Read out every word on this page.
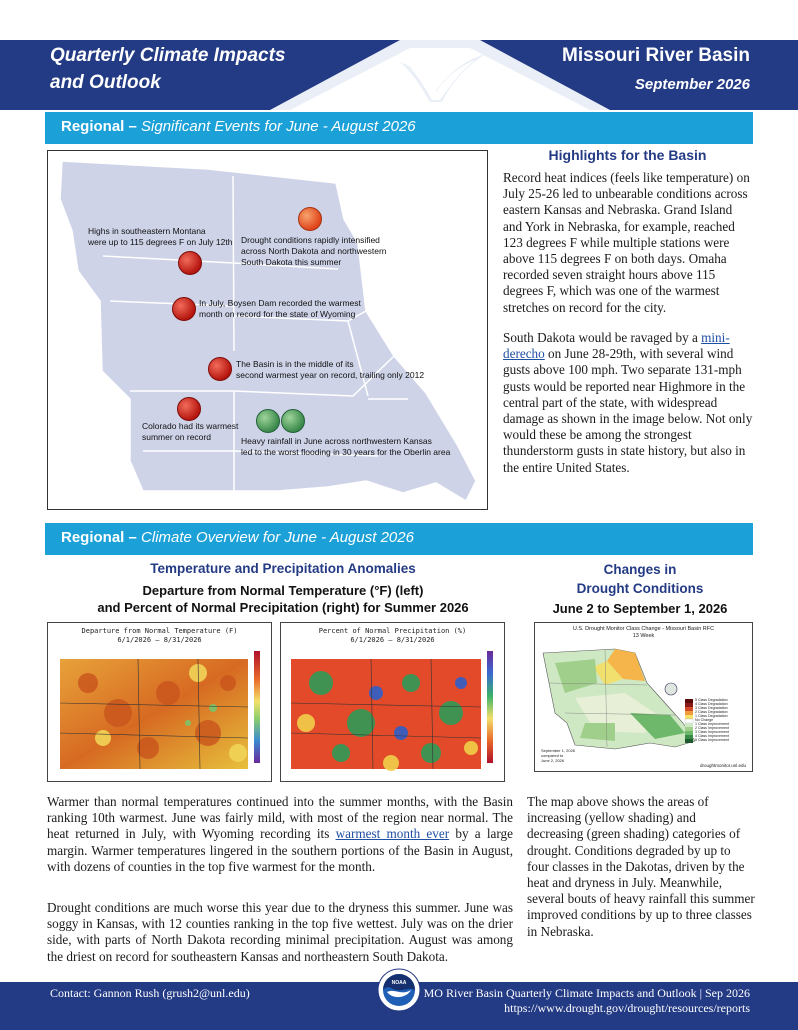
Quarterly Climate Impacts
and Outlook
Missouri River Basin
September 2026
Regional – Significant Events for June - August 2026
Highs in southeastern Montana
were up to 115 degrees F on July 12th Drought conditions rapidly intensified
across North Dakota and northwestern
South Dakota this summer
In July, Boysen Dam recorded the warmest
month on record for the state of Wyoming
The Basin is in the middle of its
second warmest year on record, trailing only 2012
Colorado had its warmest
summer on record	Heavy rainfall in June across northwestern Kansas
led to the worst flooding in 30 years for the Oberlin area
Highlights for the Basin
Record heat indices (feels like temperature) on July 25-26 led to unbearable conditions across eastern Kansas and Nebraska. Grand Island and York in Nebraska, for example, reached 123 degrees F while multiple stations were above 115 degrees F on both days. Omaha recorded seven straight hours above 115 degrees F, which was one of the warmest stretches on record for the city.
South Dakota would be ravaged by a mini-derecho on June 28-29th, with several wind gusts above 100 mph. Two separate 131-mph gusts would be reported near Highmore in the central part of the state, with widespread damage as shown in the image below. Not only would these be among the strongest thunderstorm gusts in state history, but also in the entire United States.
Regional – Climate Overview for June - August 2026
Temperature and Precipitation Anomalies
Departure from Normal Temperature (°F) (left)
and Percent of Normal Precipitation (right) for Summer 2026
Departure from Normal Temperature (F)
6/1/2026 – 8/31/2026
Percent of Normal Precipitation (%)
6/1/2026 – 8/31/2026
Changes in
Drought Conditions
June 2 to September 1, 2026
U.S. Drought Monitor Class Change - Missouri Basin RFC
13 Week
5 Class Degradation
4 Class Degradation
3 Class Degradation
2 Class Degradation
1 Class Degradation
No Change
1 Class Improvement
2 Class Improvement
3 Class Improvement
4 Class Improvement
5 Class Improvement
September 1, 2026
compared to
June 2, 2026
droughtmonitor.unl.edu
The map above shows the areas of increasing (yellow shading) and decreasing (green shading) categories of drought. Conditions degraded by up to four classes in the Dakotas, driven by the heat and dryness in July. Meanwhile, several bouts of heavy rainfall this summer improved conditions by up to three classes in Nebraska.
Warmer than normal temperatures continued into the summer months, with the Basin ranking 10th warmest. June was fairly mild, with most of the region near normal. The heat returned in July, with Wyoming recording its warmest month ever by a large margin. Warmer temperatures lingered in the southern portions of the Basin in August, with dozens of counties in the top five warmest for the month.
Drought conditions are much worse this year due to the dryness this summer. June was soggy in Kansas, with 12 counties ranking in the top five wettest. July was on the drier side, with parts of North Dakota recording minimal precipitation. August was among the driest on record for southeastern Kansas and northeastern South Dakota.
Contact: Gannon Rush (grush2@unl.edu)	MO River Basin Quarterly Climate Impacts and Outlook | Sep 2026
https://www.drought.gov/drought/resources/reports
NOAA
